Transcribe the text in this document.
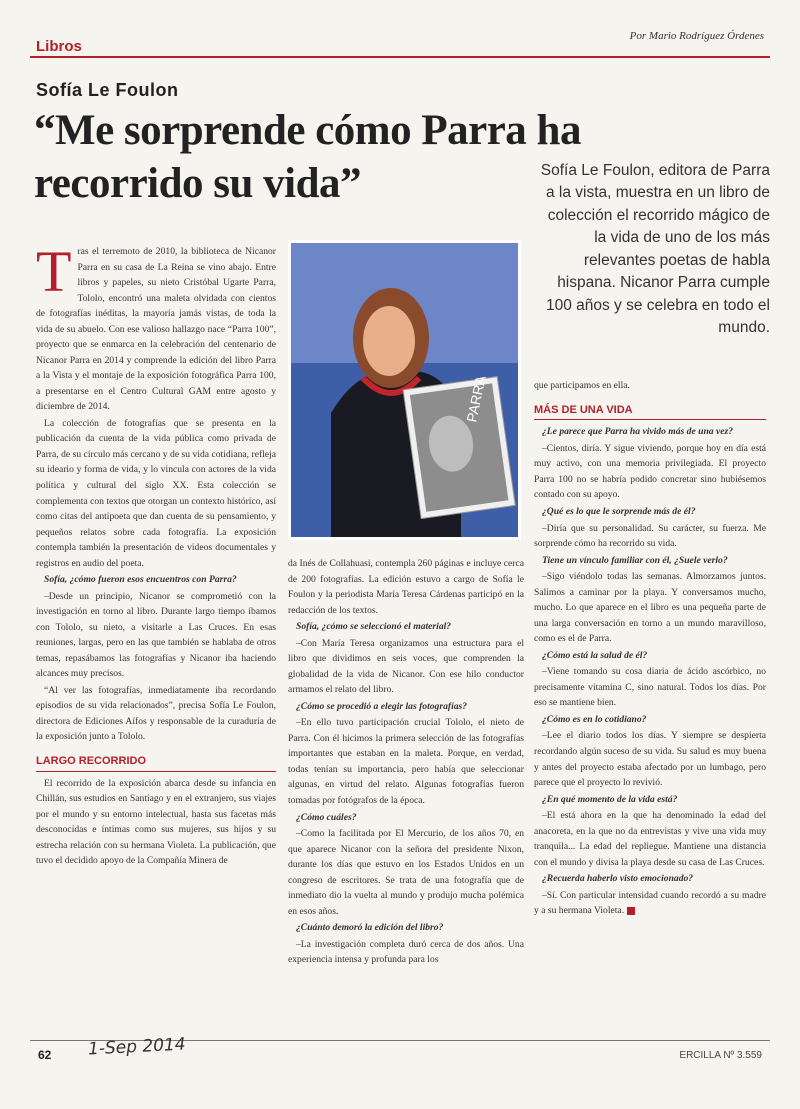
Libros
Por Mario Rodríguez Órdenes
Sofía Le Foulon
“Me sorprende cómo Parra ha recorrido su vida”	Sofía Le Foulon, editora de Parra a la vista, muestra en un libro de colección el recorrido mágico de la vida de uno de los más relevantes poetas de habla hispana. Nicanor Parra cumple 100 años y se celebra en todo el mundo.
PARRA

Tras el terremoto de 2010, la biblioteca de Nicanor Parra en su casa de La Reina se vino abajo. Entre libros y papeles, su nieto Cristóbal Ugarte Parra, Tololo, encontró una maleta olvidada con cientos de fotografías inéditas, la mayoría jamás vistas, de toda la vida de su abuelo. Con ese valioso hallazgo nace “Parra 100”, proyecto que se enmarca en la celebración del centenario de Nicanor Parra en 2014 y comprende la edición del libro Parra a la Vista y el montaje de la exposición fotográfica Parra 100, a presentarse en el Centro Cultural GAM entre agosto y diciembre de 2014.

La colección de fotografías que se presenta en la publicación da cuenta de la vida pública como privada de Parra, de su círculo más cercano y de su vida cotidiana, refleja su ideario y forma de vida, y lo vincula con actores de la vida política y cultural del siglo XX. Esta colección se complementa con textos que otorgan un contexto histórico, así como citas del antipoeta que dan cuenta de su pensamiento, y pequeños relatos sobre cada fotografía. La exposición contempla también la presentación de videos documentales y registros en audio del poeta.

Sofía, ¿cómo fueron esos encuentros con Parra?

–Desde un principio, Nicanor se comprometió con la investigación en torno al libro. Durante largo tiempo íbamos con Tololo, su nieto, a visitarle a Las Cruces. En esas reuniones, largas, pero en las que también se hablaba de otros temas, repasábamos las fotografías y Nicanor iba haciendo alcances muy precisos.

“Al ver las fotografías, inmediatamente iba recordando episodios de su vida relacionados”, precisa Sofía Le Foulon, directora de Ediciones Aífos y responsable de la curaduría de la exposición junto a Tololo.

LARGO RECORRIDO

El recorrido de la exposición abarca desde su infancia en Chillán, sus estudios en Santiago y en el extranjero, sus viajes por el mundo y su entorno intelectual, hasta sus facetas más desconocidas e íntimas como sus mujeres, sus hijos y su estrecha relación con su hermana Violeta. La publicación, que tuvo el decidido apoyo de la Compañía Minera de

da Inés de Collahuasi, contempla 260 páginas e incluye cerca de 200 fotografías. La edición estuvo a cargo de Sofía le Foulon y la periodista María Teresa Cárdenas participó en la redacción de los textos.

Sofía, ¿cómo se seleccionó el material?

–Con María Teresa organizamos una estructura para el libro que dividimos en seis voces, que comprenden la globalidad de la vida de Nicanor. Con ese hilo conductor armamos el relato del libro.

¿Cómo se procedió a elegir las fotografías?

–En ello tuvo participación crucial Tololo, el nieto de Parra. Con él hicimos la primera selección de las fotografías importantes que estaban en la maleta. Porque, en verdad, todas tenían su importancia, pero había que seleccionar algunas, en virtud del relato. Algunas fotografías fueron tomadas por fotógrafos de la época.

¿Cómo cuáles?

–Como la facilitada por El Mercurio, de los años 70, en que aparece Nicanor con la señora del presidente Nixon, durante los días que estuvo en los Estados Unidos en un congreso de escritores. Se trata de una fotografía que de inmediato dio la vuelta al mundo y produjo mucha polémica en esos años.

¿Cuánto demoró la edición del libro?

–La investigación completa duró cerca de dos años. Una experiencia intensa y profunda para los

que participamos en ella.

MÁS DE UNA VIDA

¿Le parece que Parra ha vivido más de una vez?

–Cientos, diría. Y sigue viviendo, porque hoy en día está muy activo, con una memoria privilegiada. El proyecto Parra 100 no se habría podido concretar sino hubiésemos contado con su apoyo.

¿Qué es lo que le sorprende más de él?

–Diría que su personalidad. Su carácter, su fuerza. Me sorprende cómo ha recorrido su vida.

Tiene un vínculo familiar con él, ¿Suele verlo?

–Sigo viéndolo todas las semanas. Almorzamos juntos. Salimos a caminar por la playa. Y conversamos mucho, mucho. Lo que aparece en el libro es una pequeña parte de una larga conversación en torno a un mundo maravilloso, como es el de Parra.

¿Cómo está la salud de él?

–Viene tomando su cosa diaria de ácido ascórbico, no precisamente vitamina C, sino natural. Todos los días. Por eso se mantiene bien.

¿Cómo es en lo cotidiano?

–Lee el diario todos los días. Y siempre se despierta recordando algún suceso de su vida. Su salud es muy buena y antes del proyecto estaba afectado por un lumbago, pero parece que el proyecto lo revivió.

¿En qué momento de la vida está?

–El está ahora en la que ha denominado la edad del anacoreta, en la que no da entrevistas y vive una vida muy tranquila... La edad del repliegue. Mantiene una distancia con el mundo y divisa la playa desde su casa de Las Cruces.

¿Recuerda haberlo visto emocionado?

–Sí. Con particular intensidad cuando recordó a su madre y a su hermana Violeta.

62 1-Sep 2014	ERCILLA Nº 3.559
